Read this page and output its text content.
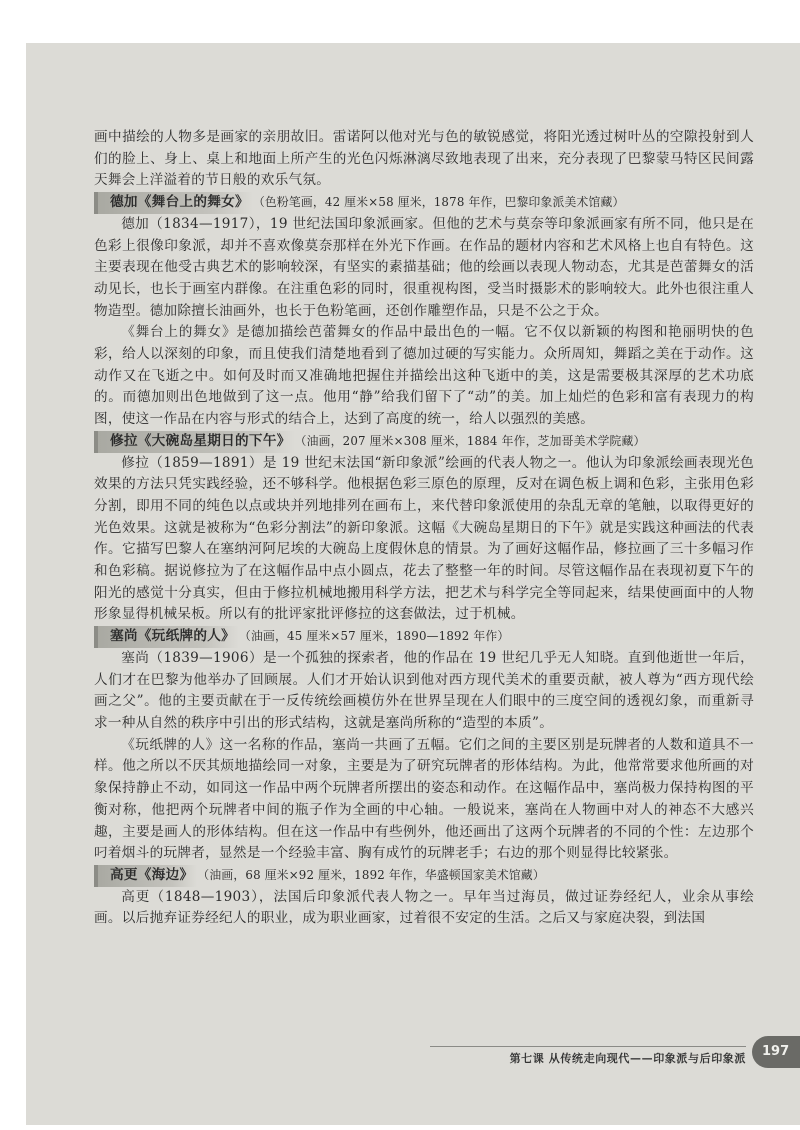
画中描绘的人物多是画家的亲朋故旧。雷诺阿以他对光与色的敏锐感觉，将阳光透过树叶丛的空隙投射到人们的脸上、身上、桌上和地面上所产生的光色闪烁淋漓尽致地表现了出来，充分表现了巴黎蒙马特区民间露天舞会上洋溢着的节日般的欢乐气氛。

德加《舞台上的舞女》 （色粉笔画，42 厘米×58 厘米，1878 年作，巴黎印象派美术馆藏）

德加（1834—1917），19 世纪法国印象派画家。但他的艺术与莫奈等印象派画家有所不同，他只是在色彩上很像印象派，却并不喜欢像莫奈那样在外光下作画。在作品的题材内容和艺术风格上也自有特色。这主要表现在他受古典艺术的影响较深，有坚实的素描基础；他的绘画以表现人物动态，尤其是芭蕾舞女的活动见长，也长于画室内群像。在注重色彩的同时，很重视构图，受当时摄影术的影响较大。此外也很注重人物造型。德加除擅长油画外，也长于色粉笔画，还创作雕塑作品，只是不公之于众。

《舞台上的舞女》是德加描绘芭蕾舞女的作品中最出色的一幅。它不仅以新颖的构图和艳丽明快的色彩，给人以深刻的印象，而且使我们清楚地看到了德加过硬的写实能力。众所周知，舞蹈之美在于动作。这动作又在飞逝之中。如何及时而又准确地把握住并描绘出这种飞逝中的美，这是需要极其深厚的艺术功底的。而德加则出色地做到了这一点。他用“静”给我们留下了“动”的美。加上灿烂的色彩和富有表现力的构图，使这一作品在内容与形式的结合上，达到了高度的统一，给人以强烈的美感。

修拉《大碗岛星期日的下午》 （油画，207 厘米×308 厘米，1884 年作，芝加哥美术学院藏）

修拉（1859—1891）是 19 世纪末法国“新印象派”绘画的代表人物之一。他认为印象派绘画表现光色效果的方法只凭实践经验，还不够科学。他根据色彩三原色的原理，反对在调色板上调和色彩，主张用色彩分割，即用不同的纯色以点或块并列地排列在画布上，来代替印象派使用的杂乱无章的笔触，以取得更好的光色效果。这就是被称为“色彩分割法”的新印象派。这幅《大碗岛星期日的下午》就是实践这种画法的代表作。它描写巴黎人在塞纳河阿尼埃的大碗岛上度假休息的情景。为了画好这幅作品，修拉画了三十多幅习作和色彩稿。据说修拉为了在这幅作品中点小圆点，花去了整整一年的时间。尽管这幅作品在表现初夏下午的阳光的感觉十分真实，但由于修拉机械地搬用科学方法，把艺术与科学完全等同起来，结果使画面中的人物形象显得机械呆板。所以有的批评家批评修拉的这套做法，过于机械。

塞尚《玩纸牌的人》 （油画，45 厘米×57 厘米，1890—1892 年作）

塞尚（1839—1906）是一个孤独的探索者，他的作品在 19 世纪几乎无人知晓。直到他逝世一年后，人们才在巴黎为他举办了回顾展。人们才开始认识到他对西方现代美术的重要贡献，被人尊为“西方现代绘画之父”。他的主要贡献在于一反传统绘画模仿外在世界呈现在人们眼中的三度空间的透视幻象，而重新寻求一种从自然的秩序中引出的形式结构，这就是塞尚所称的“造型的本质”。

《玩纸牌的人》这一名称的作品，塞尚一共画了五幅。它们之间的主要区别是玩牌者的人数和道具不一样。他之所以不厌其烦地描绘同一对象，主要是为了研究玩牌者的形体结构。为此，他常常要求他所画的对象保持静止不动，如同这一作品中两个玩牌者所摆出的姿态和动作。在这幅作品中，塞尚极力保持构图的平衡对称，他把两个玩牌者中间的瓶子作为全画的中心轴。一般说来，塞尚在人物画中对人的神态不大感兴趣，主要是画人的形体结构。但在这一作品中有些例外，他还画出了这两个玩牌者的不同的个性：左边那个叼着烟斗的玩牌者，显然是一个经验丰富、胸有成竹的玩牌老手；右边的那个则显得比较紧张。

高更《海边》 （油画，68 厘米×92 厘米，1892 年作，华盛顿国家美术馆藏）

高更（1848—1903），法国后印象派代表人物之一。早年当过海员，做过证券经纪人，业余从事绘画。以后抛弃证券经纪人的职业，成为职业画家，过着很不安定的生活。之后又与家庭决裂，到法国

第七课 从传统走向现代——印象派与后印象派	197
